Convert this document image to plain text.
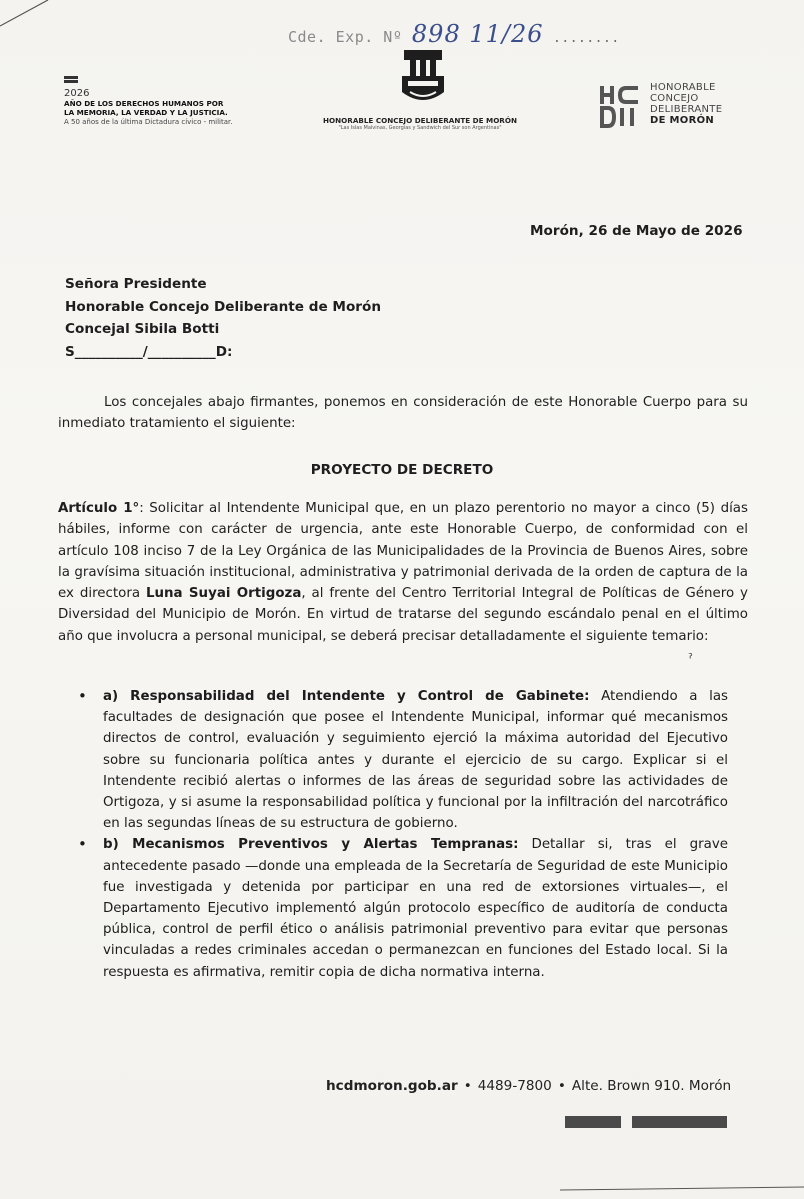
Cde. Exp. Nº 898 11/26 ........
2026
AÑO DE LOS DERECHOS HUMANOS POR
LA MEMORIA, LA VERDAD Y LA JUSTICIA.
A 50 años de la última Dictadura cívico - militar.	HONORABLE CONCEJO DELIBERANTE DE MORÓN
"Las Islas Malvinas, Georgias y Sandwich del Sur son Argentinas"
HONORABLE
CONCEJO
DELIBERANTE
DE MORÓN
Morón, 26 de Mayo de 2026
Señora Presidente
Honorable Concejo Deliberante de Morón
Concejal Sibila Botti
S__________/__________D:
Los concejales abajo firmantes, ponemos en consideración de este Honorable Cuerpo para su inmediato tratamiento el siguiente:
PROYECTO DE DECRETO
Artículo 1°: Solicitar al Intendente Municipal que, en un plazo perentorio no mayor a cinco (5) días hábiles, informe con carácter de urgencia, ante este Honorable Cuerpo, de conformidad con el artículo 108 inciso 7 de la Ley Orgánica de las Municipalidades de la Provincia de Buenos Aires, sobre la gravísima situación institucional, administrativa y patrimonial derivada de la orden de captura de la ex directora Luna Suyai Ortigoza, al frente del Centro Territorial Integral de Políticas de Género y Diversidad del Municipio de Morón. En virtud de tratarse del segundo escándalo penal en el último año que involucra a personal municipal, se deberá precisar detalladamente el siguiente temario:
ˀ
• a) Responsabilidad del Intendente y Control de Gabinete: Atendiendo a las facultades de designación que posee el Intendente Municipal, informar qué mecanismos directos de control, evaluación y seguimiento ejerció la máxima autoridad del Ejecutivo sobre su funcionaria política antes y durante el ejercicio de su cargo. Explicar si el Intendente recibió alertas o informes de las áreas de seguridad sobre las actividades de Ortigoza, y si asume la responsabilidad política y funcional por la infiltración del narcotráfico en las segundas líneas de su estructura de gobierno.
• b) Mecanismos Preventivos y Alertas Tempranas: Detallar si, tras el grave antecedente pasado —donde una empleada de la Secretaría de Seguridad de este Municipio fue investigada y detenida por participar en una red de extorsiones virtuales—, el Departamento Ejecutivo implementó algún protocolo específico de auditoría de conducta pública, control de perfil ético o análisis patrimonial preventivo para evitar que personas vinculadas a redes criminales accedan o permanezcan en funciones del Estado local. Si la respuesta es afirmativa, remitir copia de dicha normativa interna.
hcdmoron.gob.ar • 4489-7800 • Alte. Brown 910. Morón
